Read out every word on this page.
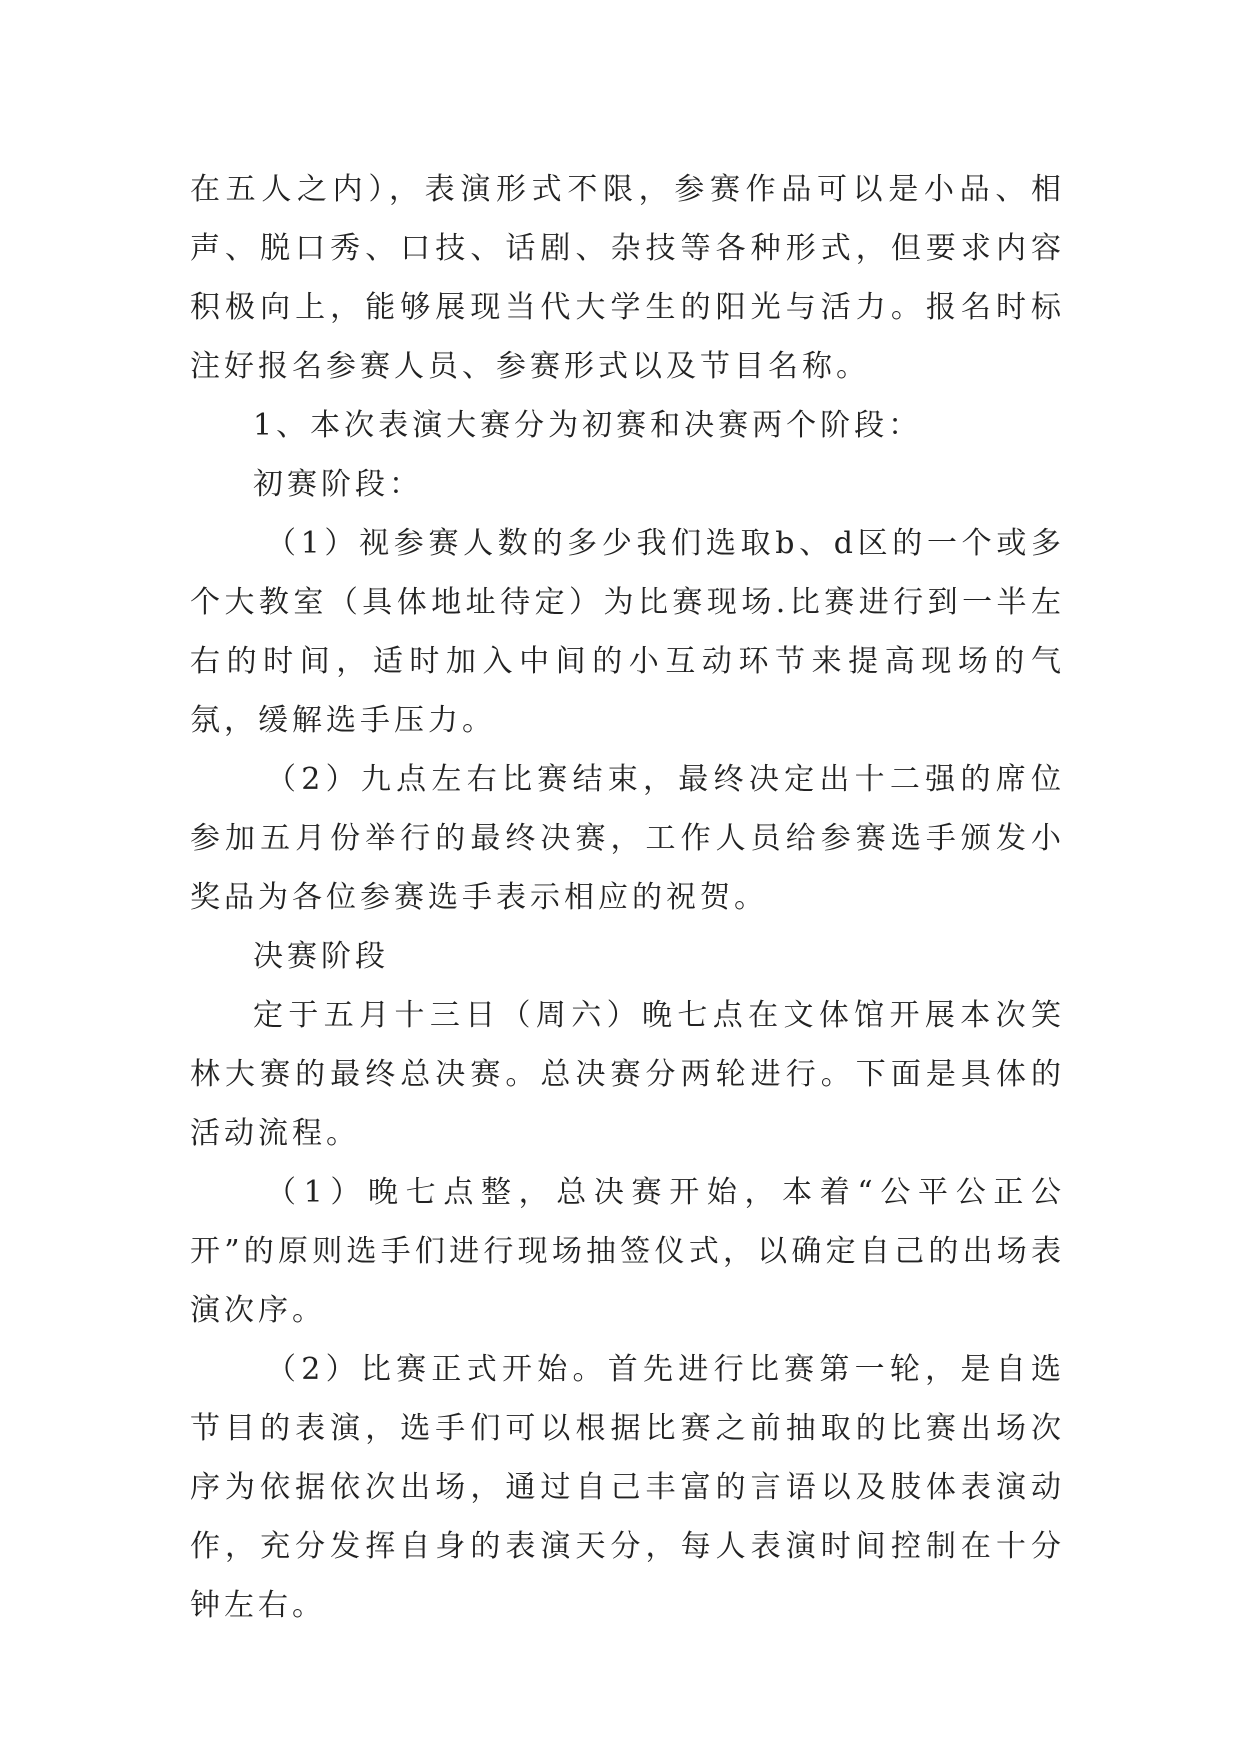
在五人之内），表演形式不限，参赛作品可以是小品、相声、脱口秀、口技、话剧、杂技等各种形式，但要求内容积极向上，能够展现当代大学生的阳光与活力。报名时标注好报名参赛人员、参赛形式以及节目名称。

1、本次表演大赛分为初赛和决赛两个阶段：

初赛阶段：

（1）视参赛人数的多少我们选取b、d区的一个或多个大教室（具体地址待定）为比赛现场.比赛进行到一半左右的时间，适时加入中间的小互动环节来提高现场的气氛，缓解选手压力。

（2）九点左右比赛结束，最终决定出十二强的席位参加五月份举行的最终决赛，工作人员给参赛选手颁发小奖品为各位参赛选手表示相应的祝贺。

决赛阶段

定于五月十三日（周六）晚七点在文体馆开展本次笑林大赛的最终总决赛。总决赛分两轮进行。下面是具体的活动流程。

（1）晚七点整，总决赛开始，本着“公平公正公开”的原则选手们进行现场抽签仪式，以确定自己的出场表演次序。

（2）比赛正式开始。首先进行比赛第一轮，是自选节目的表演，选手们可以根据比赛之前抽取的比赛出场次序为依据依次出场，通过自己丰富的言语以及肢体表演动作，充分发挥自身的表演天分，每人表演时间控制在十分钟左右。
